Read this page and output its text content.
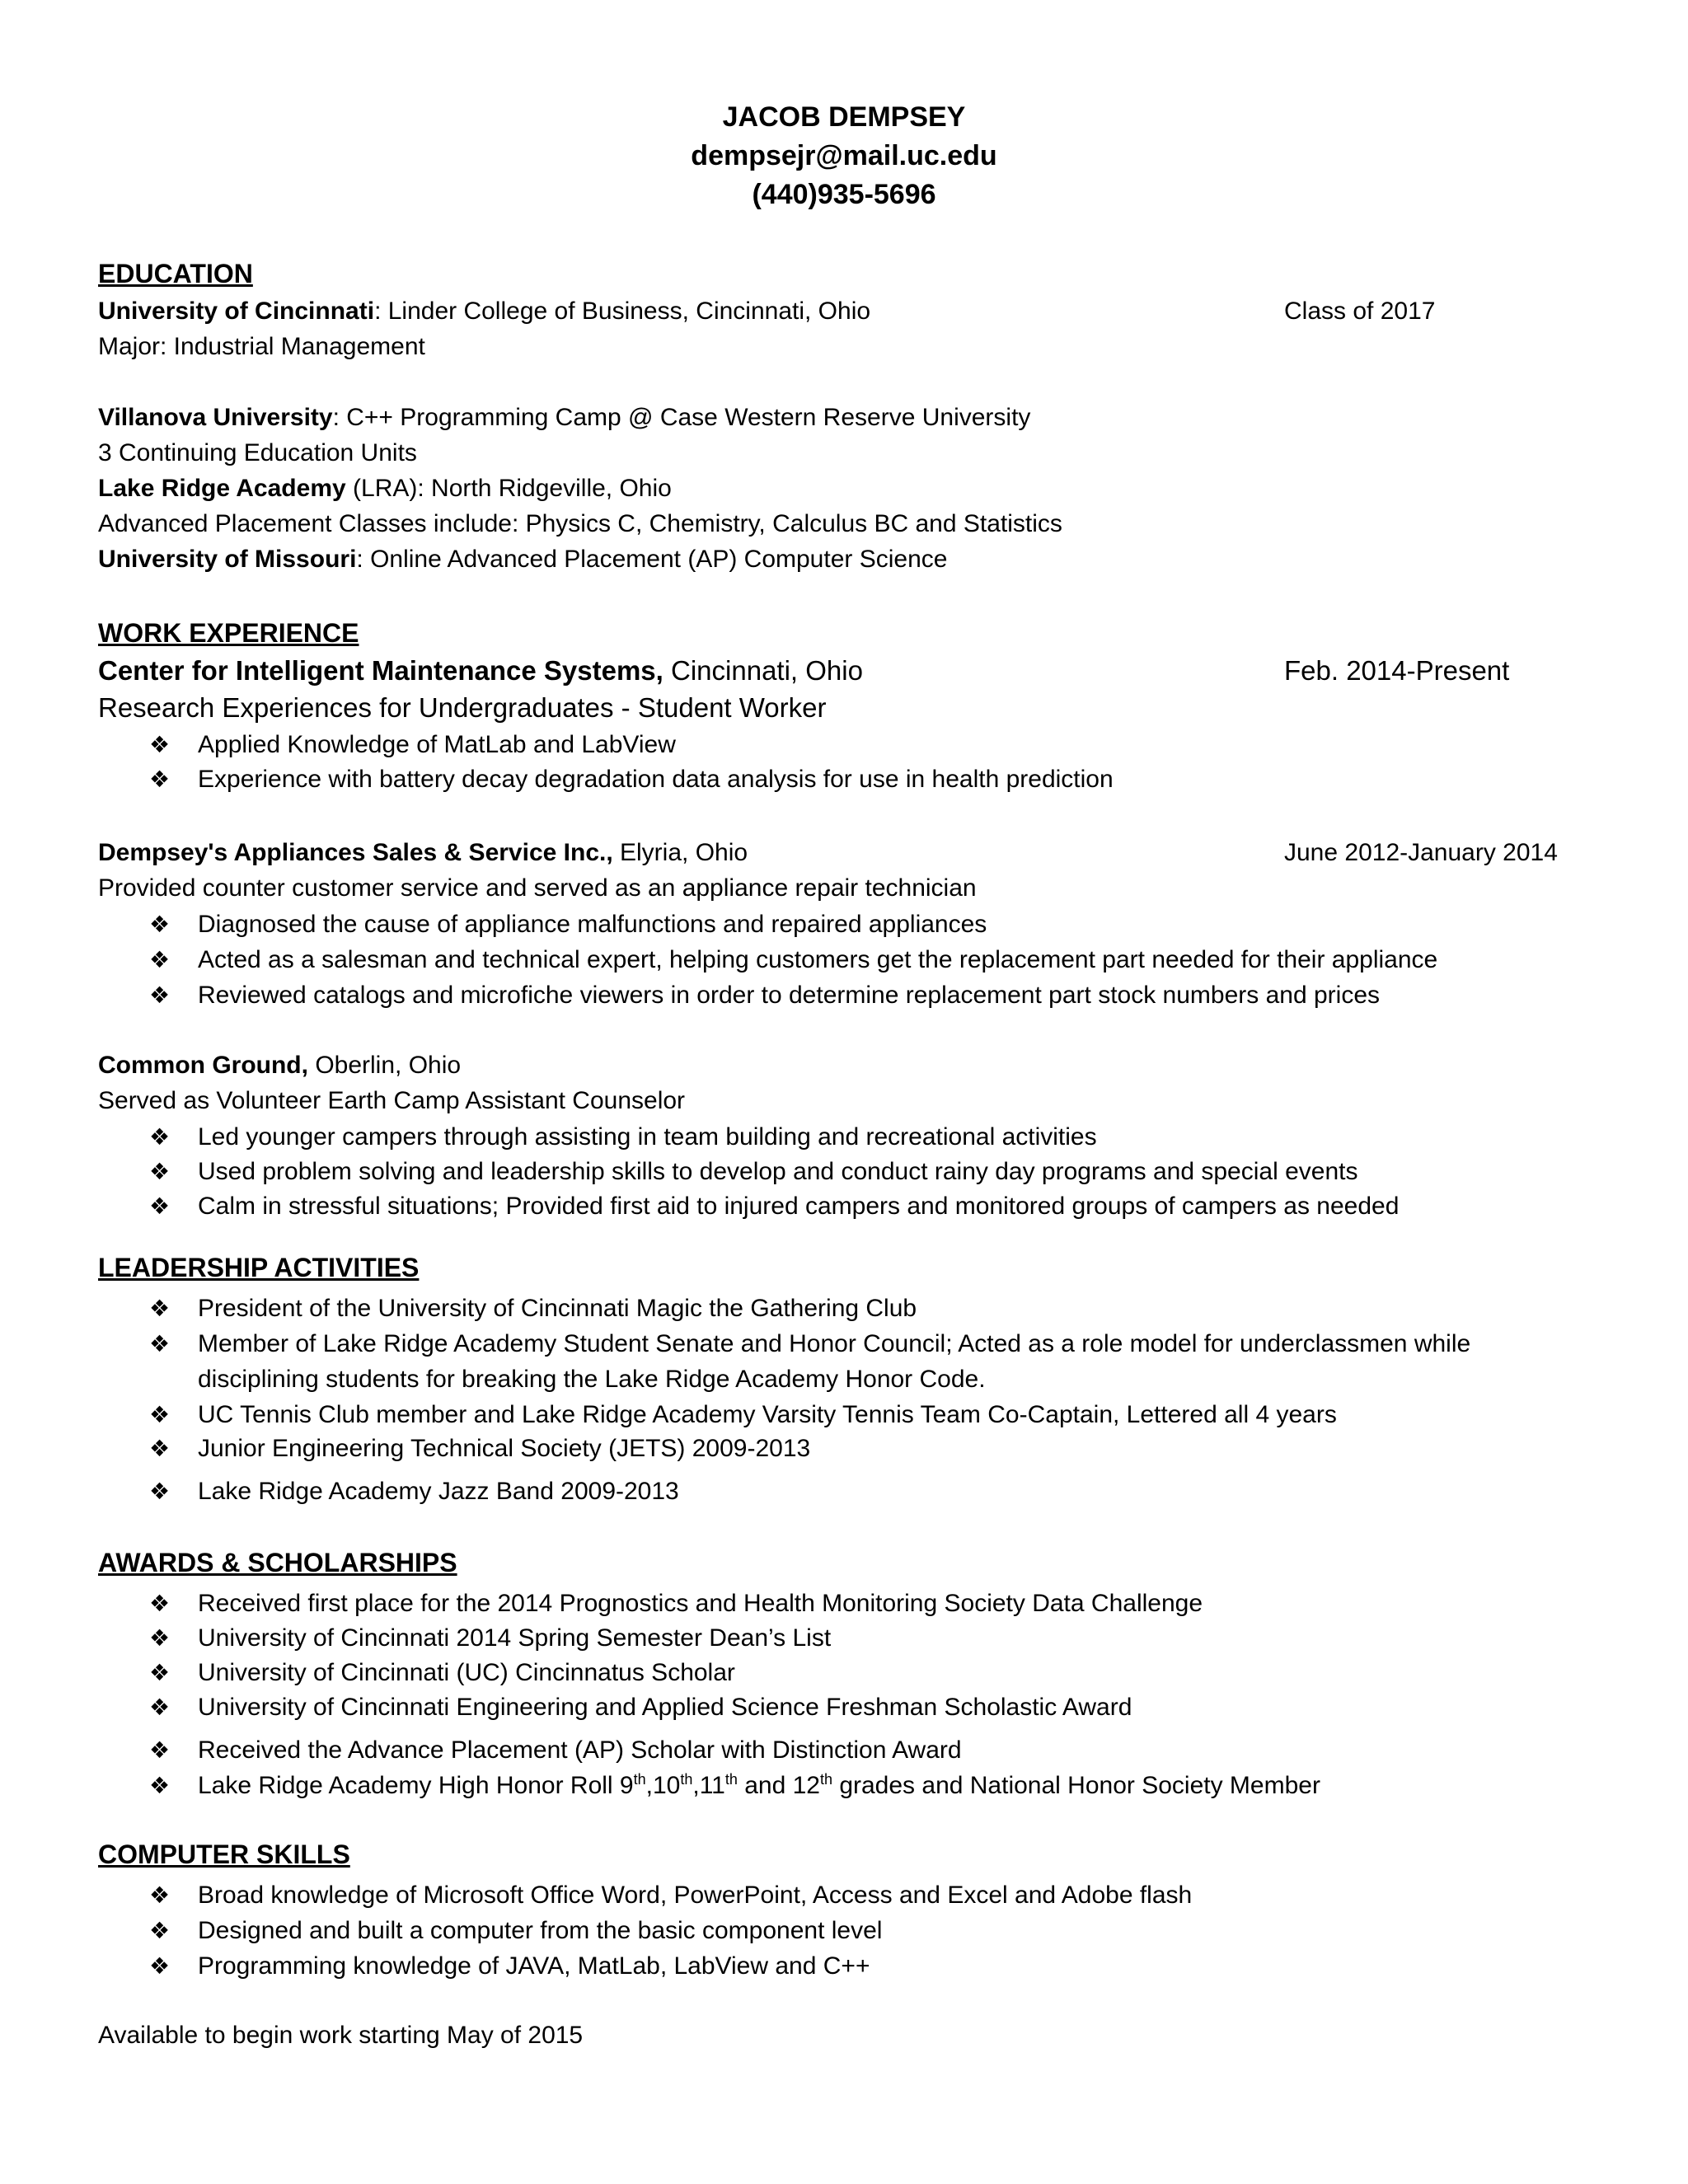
JACOB DEMPSEY
dempsejr@mail.uc.edu
(440)935-5696
EDUCATION
University of Cincinnati: Linder College of Business, Cincinnati, Ohio	Class of 2017
Major: Industrial Management
Villanova University: C++ Programming Camp @ Case Western Reserve University
3 Continuing Education Units
Lake Ridge Academy (LRA): North Ridgeville, Ohio
Advanced Placement Classes include: Physics C, Chemistry, Calculus BC and Statistics
University of Missouri: Online Advanced Placement (AP) Computer Science
WORK EXPERIENCE
Center for Intelligent Maintenance Systems, Cincinnati, Ohio	Feb. 2014-Present
Research Experiences for Undergraduates - Student Worker
❖	Applied Knowledge of MatLab and LabView
❖	Experience with battery decay degradation data analysis for use in health prediction
Dempsey's Appliances Sales & Service Inc., Elyria, Ohio	June 2012-January 2014
Provided counter customer service and served as an appliance repair technician
❖	Diagnosed the cause of appliance malfunctions and repaired appliances
❖	Acted as a salesman and technical expert, helping customers get the replacement part needed for their appliance
❖	Reviewed catalogs and microfiche viewers in order to determine replacement part stock numbers and prices
Common Ground, Oberlin, Ohio
Served as Volunteer Earth Camp Assistant Counselor
❖	Led younger campers through assisting in team building and recreational activities
❖	Used problem solving and leadership skills to develop and conduct rainy day programs and special events
❖	Calm in stressful situations; Provided first aid to injured campers and monitored groups of campers as needed
LEADERSHIP ACTIVITIES
❖	President of the University of Cincinnati Magic the Gathering Club
❖	Member of Lake Ridge Academy Student Senate and Honor Council; Acted as a role model for underclassmen while disciplining students for breaking the Lake Ridge Academy Honor Code.
❖	UC Tennis Club member and Lake Ridge Academy Varsity Tennis Team Co-Captain, Lettered all 4 years
❖	Junior Engineering Technical Society (JETS) 2009-2013
❖	Lake Ridge Academy Jazz Band 2009-2013
AWARDS & SCHOLARSHIPS
❖	Received first place for the 2014 Prognostics and Health Monitoring Society Data Challenge
❖	University of Cincinnati 2014 Spring Semester Dean’s List
❖	University of Cincinnati (UC) Cincinnatus Scholar
❖	University of Cincinnati Engineering and Applied Science Freshman Scholastic Award
❖	Received the Advance Placement (AP) Scholar with Distinction Award
❖	Lake Ridge Academy High Honor Roll 9th,10th,11th and 12th grades and National Honor Society Member
COMPUTER SKILLS
❖	Broad knowledge of Microsoft Office Word, PowerPoint, Access and Excel and Adobe flash
❖	Designed and built a computer from the basic component level
❖	Programming knowledge of JAVA, MatLab, LabView and C++
Available to begin work starting May of 2015
